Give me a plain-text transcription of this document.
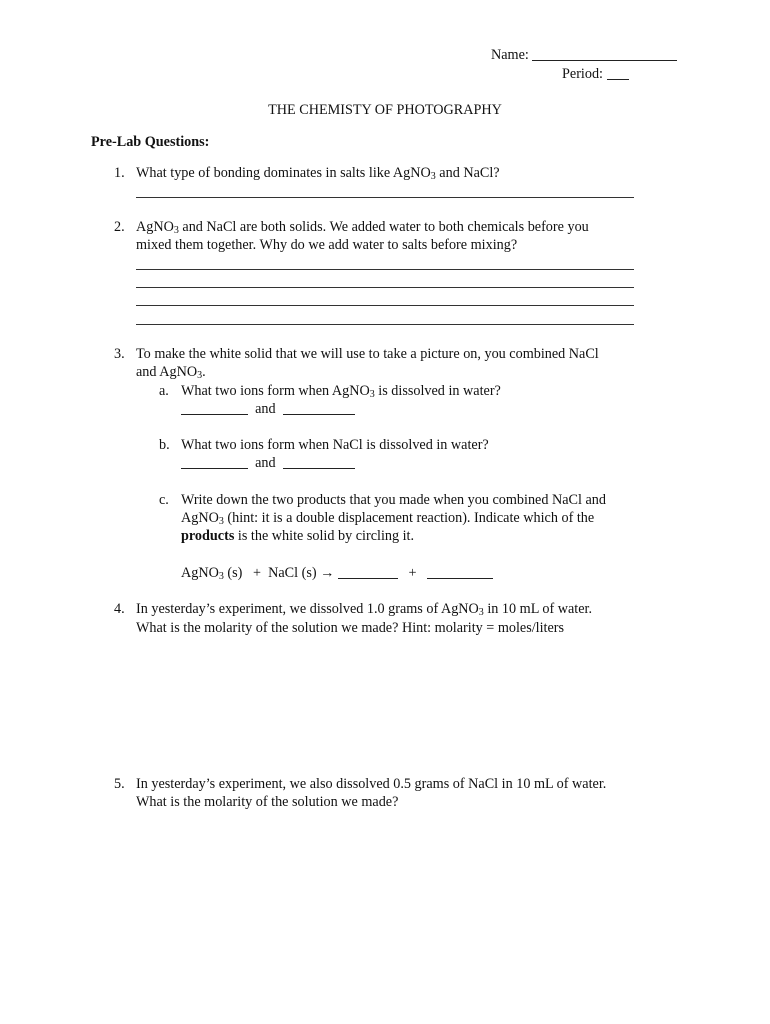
Name:
Period:
THE CHEMISTY OF PHOTOGRAPHY
Pre-Lab Questions:
1. What type of bonding dominates in salts like AgNO$_3$ and NaCl?
2. AgNO$_3$ and NaCl are both solids. We added water to both chemicals before you
mixed them together. Why do we add water to salts before mixing?
3. To make the white solid that we will use to take a picture on, you combined NaCl
and AgNO$_3$.
a. What two ions form when AgNO$_3$ is dissolved in water?
and
b. What two ions form when NaCl is dissolved in water?
and
c. Write down the two products that you made when you combined NaCl and
AgNO$_3$ (hint: it is a double displacement reaction). Indicate which of the
products is the white solid by circling it.
AgNO$_3$ (s)   +  NaCl (s) →	+
4. In yesterday’s experiment, we dissolved 1.0 grams of AgNO$_3$ in 10 mL of water.
What is the molarity of the solution we made? Hint: molarity = moles/liters
5. In yesterday’s experiment, we also dissolved 0.5 grams of NaCl in 10 mL of water.
What is the molarity of the solution we made?
